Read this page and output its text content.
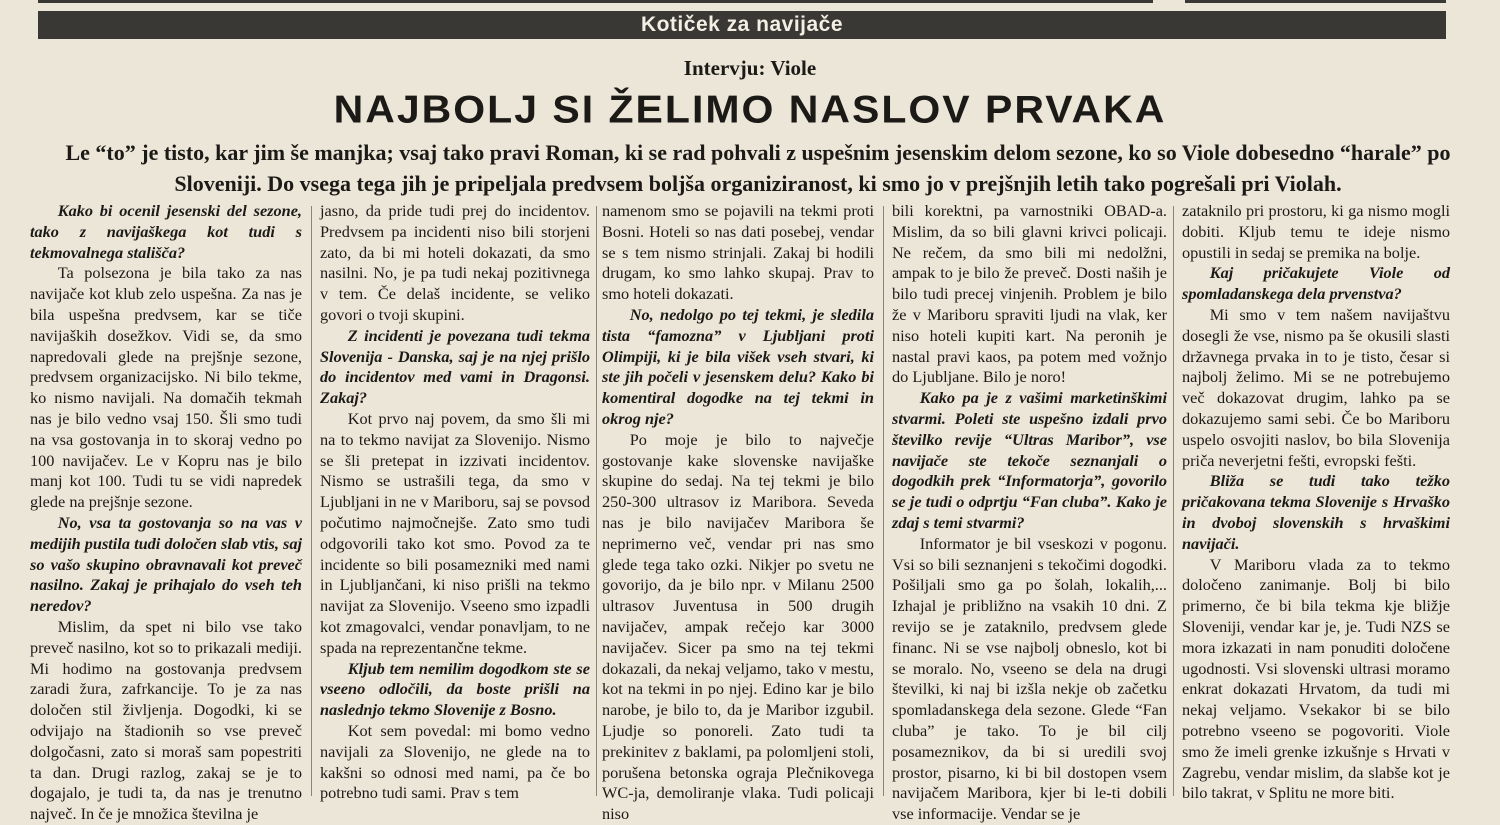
Kotiček za navijače
Intervju: Viole
NAJBOLJ SI ŽELIMO NASLOV PRVAKA
Le “to” je tisto, kar jim še manjka; vsaj tako pravi Roman, ki se rad pohvali z uspešnim jesenskim delom sezone, ko so Viole dobesedno “harale” po Sloveniji. Do vsega tega jih je pripeljala predvsem boljša organiziranost, ki smo jo v prejšnjih letih tako pogrešali pri Violah.

Kako bi ocenil jesenski del sezone, tako z navijaškega kot tudi s tekmovalnega stališča?

Ta polsezona je bila tako za nas navijače kot klub zelo uspešna. Za nas je bila uspešna predvsem, kar se tiče navijaških dosežkov. Vidi se, da smo napredovali glede na prejšnje sezone, predvsem organizacijsko. Ni bilo tekme, ko nismo navijali. Na domačih tekmah nas je bilo vedno vsaj 150. Šli smo tudi na vsa gostovanja in to skoraj vedno po 100 navijačev. Le v Kopru nas je bilo manj kot 100. Tudi tu se vidi napredek glede na prejšnje sezone.

No, vsa ta gostovanja so na vas v medijih pustila tudi določen slab vtis, saj so vašo skupino obravnavali kot preveč nasilno. Zakaj je prihajalo do vseh teh neredov?

Mislim, da spet ni bilo vse tako preveč nasilno, kot so to prikazali mediji. Mi hodimo na gostovanja predvsem zaradi žura, zafrkancije. To je za nas določen stil življenja. Dogodki, ki se odvijajo na štadionih so vse preveč dolgočasni, zato si moraš sam popestriti ta dan. Drugi razlog, zakaj se je to dogajalo, je tudi ta, da nas je trenutno največ. In če je množica številna je

jasno, da pride tudi prej do incidentov. Predvsem pa incidenti niso bili storjeni zato, da bi mi hoteli dokazati, da smo nasilni. No, je pa tudi nekaj pozitivnega v tem. Če delaš incidente, se veliko govori o tvoji skupini.

Z incidenti je povezana tudi tekma Slovenija - Danska, saj je na njej prišlo do incidentov med vami in Dragonsi. Zakaj?

Kot prvo naj povem, da smo šli mi na to tekmo navijat za Slovenijo. Nismo se šli pretepat in izzivati incidentov. Nismo se ustrašili tega, da smo v Ljubljani in ne v Mariboru, saj se povsod počutimo najmočnejše. Zato smo tudi odgovorili tako kot smo. Povod za te incidente so bili posamezniki med nami in Ljubljančani, ki niso prišli na tekmo navijat za Slovenijo. Vseeno smo izpadli kot zmagovalci, vendar ponavljam, to ne spada na reprezentančne tekme.

Kljub tem nemilim dogodkom ste se vseeno odločili, da boste prišli na naslednjo tekmo Slovenije z Bosno.

Kot sem povedal: mi bomo vedno navijali za Slovenijo, ne glede na to kakšni so odnosi med nami, pa če bo potrebno tudi sami. Prav s tem

namenom smo se pojavili na tekmi proti Bosni. Hoteli so nas dati posebej, vendar se s tem nismo strinjali. Zakaj bi hodili drugam, ko smo lahko skupaj. Prav to smo hoteli dokazati.

No, nedolgo po tej tekmi, je sledila tista “famozna” v Ljubljani proti Olimpiji, ki je bila višek vseh stvari, ki ste jih počeli v jesenskem delu? Kako bi komentiral dogodke na tej tekmi in okrog nje?

Po moje je bilo to največje gostovanje kake slovenske navijaške skupine do sedaj. Na tej tekmi je bilo 250-300 ultrasov iz Maribora. Seveda nas je bilo navijačev Maribora še neprimerno več, vendar pri nas smo glede tega tako ozki. Nikjer po svetu ne govorijo, da je bilo npr. v Milanu 2500 ultrasov Juventusa in 500 drugih navijačev, ampak rečejo kar 3000 navijačev. Sicer pa smo na tej tekmi dokazali, da nekaj veljamo, tako v mestu, kot na tekmi in po njej. Edino kar je bilo narobe, je bilo to, da je Maribor izgubil. Ljudje so ponoreli. Zato tudi ta prekinitev z baklami, pa polomljeni stoli, porušena betonska ograja Plečnikovega WC-ja, demoliranje vlaka. Tudi policaji niso

bili korektni, pa varnostniki OBAD-a. Mislim, da so bili glavni krivci policaji. Ne rečem, da smo bili mi nedolžni, ampak to je bilo že preveč. Dosti naših je bilo tudi precej vinjenih. Problem je bilo že v Mariboru spraviti ljudi na vlak, ker niso hoteli kupiti kart. Na peronih je nastal pravi kaos, pa potem med vožnjo do Ljubljane. Bilo je noro!

Kako pa je z vašimi marketinškimi stvarmi. Poleti ste uspešno izdali prvo številko revije “Ultras Maribor”, vse navijače ste tekoče seznanjali o dogodkih prek “Informatorja”, govorilo se je tudi o odprtju “Fan cluba”. Kako je zdaj s temi stvarmi?

Informator je bil vseskozi v pogonu. Vsi so bili seznanjeni s tekočimi dogodki. Pošiljali smo ga po šolah, lokalih,... Izhajal je približno na vsakih 10 dni. Z revijo se je zataknilo, predvsem glede financ. Ni se vse najbolj obneslo, kot bi se moralo. No, vseeno se dela na drugi številki, ki naj bi izšla nekje ob začetku spomladanskega dela sezone. Glede “Fan cluba” je tako. To je bil cilj posameznikov, da bi si uredili svoj prostor, pisarno, ki bi bil dostopen vsem navijačem Maribora, kjer bi le-ti dobili vse informacije. Vendar se je

zataknilo pri prostoru, ki ga nismo mogli dobiti. Kljub temu te ideje nismo opustili in sedaj se premika na bolje.

Kaj pričakujete Viole od spomladanskega dela prvenstva?

Mi smo v tem našem navijaštvu dosegli že vse, nismo pa še okusili slasti državnega prvaka in to je tisto, česar si najbolj želimo. Mi se ne potrebujemo več dokazovat drugim, lahko pa se dokazujemo sami sebi. Če bo Mariboru uspelo osvojiti naslov, bo bila Slovenija priča neverjetni fešti, evropski fešti.

Bliža se tudi tako težko pričakovana tekma Slovenije s Hrvaško in dvoboj slovenskih s hrvaškimi navijači.

V Mariboru vlada za to tekmo določeno zanimanje. Bolj bi bilo primerno, če bi bila tekma kje bližje Sloveniji, vendar kar je, je. Tudi NZS se mora izkazati in nam ponuditi določene ugodnosti. Vsi slovenski ultrasi moramo enkrat dokazati Hrvatom, da tudi mi nekaj veljamo. Vsekakor bi se bilo potrebno vseeno se pogovoriti. Viole smo že imeli grenke izkušnje s Hrvati v Zagrebu, vendar mislim, da slabše kot je bilo takrat, v Splitu ne more biti.
